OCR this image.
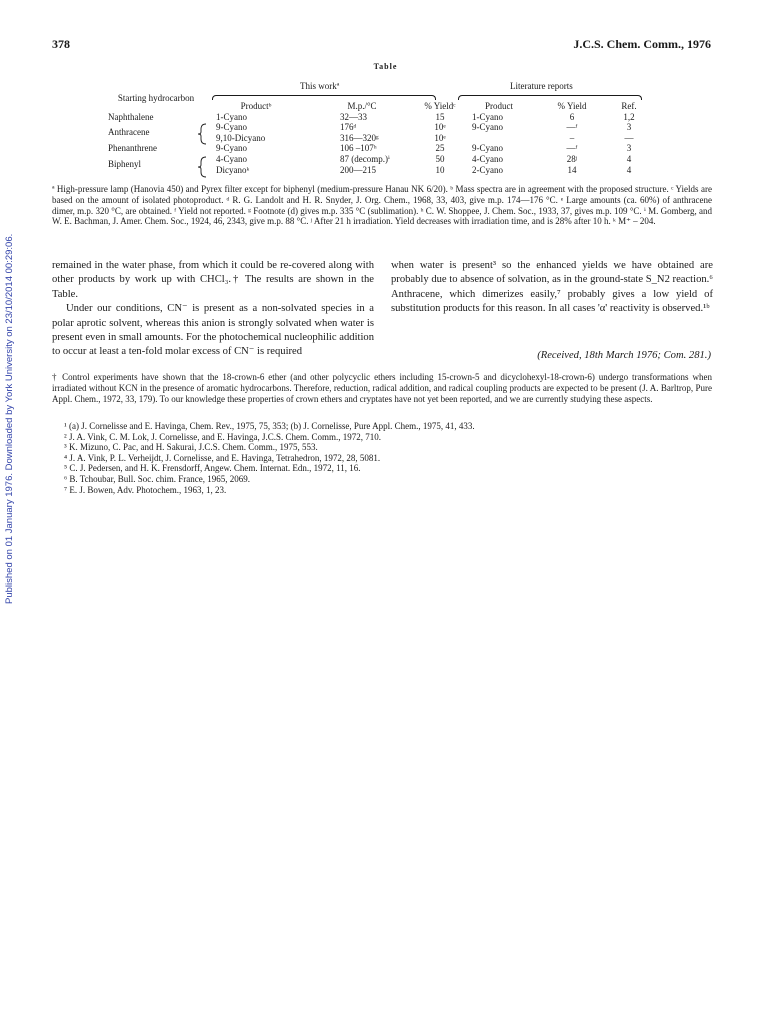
Published on 01 January 1976. Downloaded by York University on 23/10/2014 00:29:06.
378	J.C.S. Chem. Comm., 1976
Table
This workª	Literature reports
Starting hydrocarbon	Productᵇ	M.p./°C	% Yieldᶜ	Product	% Yield	Ref.
Naphthalene	1-Cyano	32—33	15	1-Cyano	6	1,2
Anthracene	9-Cyano	176ᵈ	10ᵉ	9-Cyano	—ᶠ	3
	9,10-Dicyano	316—320ᵍ	10ᵉ		–	—
Phenanthrene	9-Cyano	106 –107ʰ	25	9-Cyano	—ᶠ	3
Biphenyl	4-Cyano	87 (decomp.)ⁱ	50	4-Cyano	28ʲ	4
	Dicyanoᵏ	200—215	10	2-Cyano	14	4
ª High-pressure lamp (Hanovia 450) and Pyrex filter except for biphenyl (medium-pressure Hanau NK 6/20). ᵇ Mass spectra are in agreement with the proposed structure. ᶜ Yields are based on the amount of isolated photoproduct. ᵈ R. G. Landolt and H. R. Snyder, J. Org. Chem., 1968, 33, 403, give m.p. 174—176 °C. ᵉ Large amounts (ca. 60%) of anthracene dimer, m.p. 320 °C, are obtained. ᶠ Yield not reported. ᵍ Footnote (d) gives m.p. 335 °C (sublimation). ʰ C. W. Shoppee, J. Chem. Soc., 1933, 37, gives m.p. 109 °C. ⁱ M. Gomberg, and W. E. Bachman, J. Amer. Chem. Soc., 1924, 46, 2343, give m.p. 88 °C. ʲ After 21 h irradiation. Yield decreases with irradiation time, and is 28% after 10 h. ᵏ M⁺ – 204.

remained in the water phase, from which it could be re-covered along with other products by work up with CHCl₃.† The results are shown in the Table.

Under our conditions, CN⁻ is present as a non-solvated species in a polar aprotic solvent, whereas this anion is strongly solvated when water is present even in small amounts. For the photochemical nucleophilic addition to occur at least a ten-fold molar excess of CN⁻ is required

when water is present³ so the enhanced yields we have obtained are probably due to absence of solvation, as in the ground-state S_N2 reaction.⁶ Anthracene, which dimerizes easily,⁷ probably gives a low yield of substitution products for this reason. In all cases 'α' reactivity is observed.¹ᵇ

(Received, 18th March 1976; Com. 281.)
† Control experiments have shown that the 18-crown-6 ether (and other polycyclic ethers including 15-crown-5 and dicyclohexyl-18-crown-6) undergo transformations when irradiated without KCN in the presence of aromatic hydrocarbons. Therefore, reduction, radical addition, and radical coupling products are expected to be present (J. A. Barltrop, Pure Appl. Chem., 1972, 33, 179). To our knowledge these properties of crown ethers and cryptates have not yet been reported, and we are currently studying these aspects.
¹ (a) J. Cornelisse and E. Havinga, Chem. Rev., 1975, 75, 353; (b) J. Cornelisse, Pure Appl. Chem., 1975, 41, 433.
² J. A. Vink, C. M. Lok, J. Cornelisse, and E. Havinga, J.C.S. Chem. Comm., 1972, 710.
³ K. Mizuno, C. Pac, and H. Sakurai, J.C.S. Chem. Comm., 1975, 553.
⁴ J. A. Vink, P. L. Verheijdt, J. Cornelisse, and E. Havinga, Tetrahedron, 1972, 28, 5081.
⁵ C. J. Pedersen, and H. K. Frensdorff, Angew. Chem. Internat. Edn., 1972, 11, 16.
⁶ B. Tchoubar, Bull. Soc. chim. France, 1965, 2069.
⁷ E. J. Bowen, Adv. Photochem., 1963, 1, 23.
